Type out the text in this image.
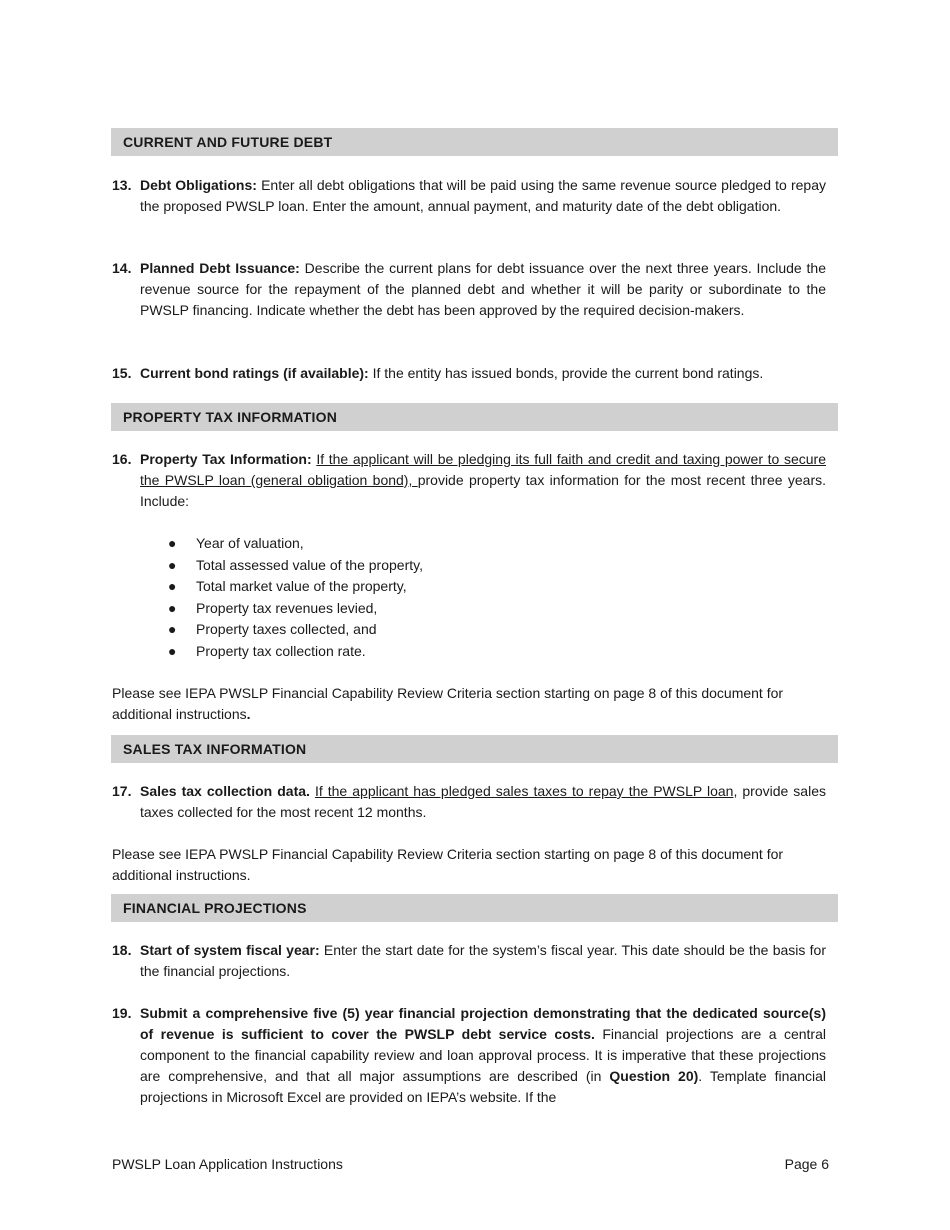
CURRENT AND FUTURE DEBT
13. Debt Obligations: Enter all debt obligations that will be paid using the same revenue source pledged to repay the proposed PWSLP loan. Enter the amount, annual payment, and maturity date of the debt obligation.
14. Planned Debt Issuance: Describe the current plans for debt issuance over the next three years. Include the revenue source for the repayment of the planned debt and whether it will be parity or subordinate to the PWSLP financing. Indicate whether the debt has been approved by the required decision-makers.
15. Current bond ratings (if available): If the entity has issued bonds, provide the current bond ratings.
PROPERTY TAX INFORMATION
16. Property Tax Information: If the applicant will be pledging its full faith and credit and taxing power to secure the PWSLP loan (general obligation bond), provide property tax information for the most recent three years. Include:
● Year of valuation,
● Total assessed value of the property,
● Total market value of the property,
● Property tax revenues levied,
● Property taxes collected, and
● Property tax collection rate.
Please see IEPA PWSLP Financial Capability Review Criteria section starting on page 8 of this document for additional instructions.
SALES TAX INFORMATION
17. Sales tax collection data. If the applicant has pledged sales taxes to repay the PWSLP loan, provide sales taxes collected for the most recent 12 months.
Please see IEPA PWSLP Financial Capability Review Criteria section starting on page 8 of this document for additional instructions.
FINANCIAL PROJECTIONS
18. Start of system fiscal year: Enter the start date for the system’s fiscal year. This date should be the basis for the financial projections.
19. Submit a comprehensive five (5) year financial projection demonstrating that the dedicated source(s) of revenue is sufficient to cover the PWSLP debt service costs. Financial projections are a central component to the financial capability review and loan approval process. It is imperative that these projections are comprehensive, and that all major assumptions are described (in Question 20). Template financial projections in Microsoft Excel are provided on IEPA’s website. If the
PWSLP Loan Application Instructions	Page 6
